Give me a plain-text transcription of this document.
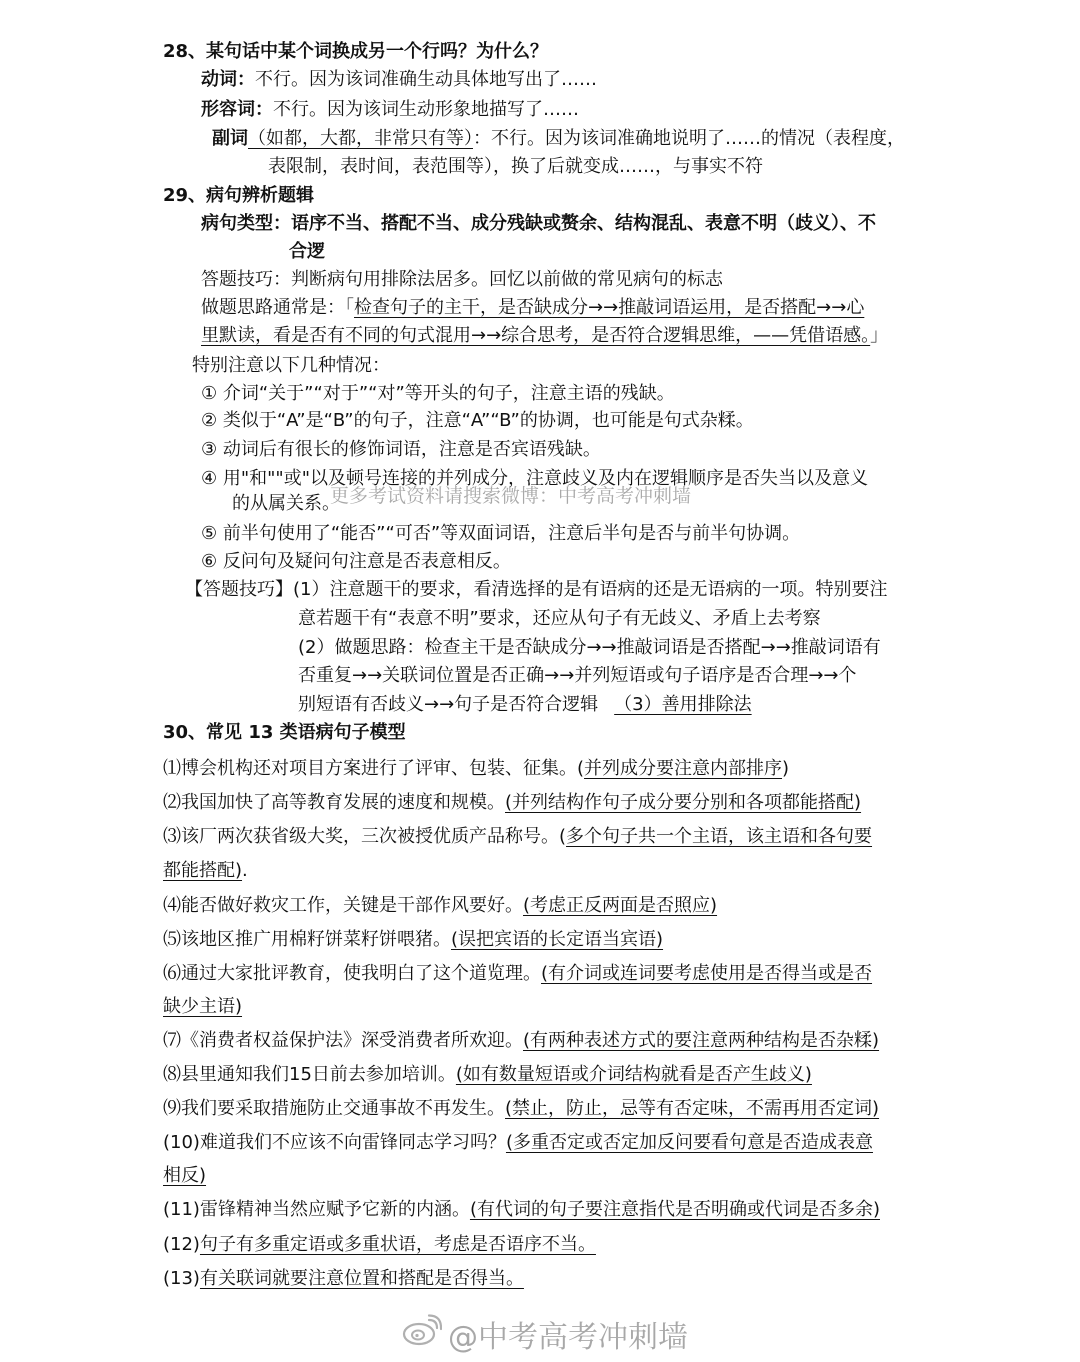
28、某句话中某个词换成另一个行吗？为什么？
动词：不行。因为该词准确生动具体地写出了……
形容词：不行。因为该词生动形象地描写了……
副词（如都，大都，非常只有等）：不行。因为该词准确地说明了……的情况（表程度，
表限制，表时间，表范围等），换了后就变成……，与事实不符
29、病句辨析题辑
病句类型：语序不当、搭配不当、成分残缺或赘余、结构混乱、表意不明（歧义）、不
合逻
答题技巧：判断病句用排除法居多。回忆以前做的常见病句的标志
做题思路通常是：「检查句子的主干，是否缺成分→→推敲词语运用，是否搭配→→心
里默读，看是否有不同的句式混用→→综合思考，是否符合逻辑思维，——凭借语感。」
特别注意以下几种情况：
① 介词“关于”“对于”“对”等开头的句子，注意主语的残缺。
② 类似于“A”是“B”的句子，注意“A”“B”的协调，也可能是句式杂糅。
③ 动词后有很长的修饰词语，注意是否宾语残缺。
④ 用"和""或"以及顿号连接的并列成分，注意歧义及内在逻辑顺序是否失当以及意义
的从属关系。
更多考试资料请搜索微博：中考高考冲刺墙
⑤ 前半句使用了“能否”“可否”等双面词语，注意后半句是否与前半句协调。
⑥ 反问句及疑问句注意是否表意相反。
【答题技巧】(1）注意题干的要求，看清选择的是有语病的还是无语病的一项。特别要注
意若题干有“表意不明”要求，还应从句子有无歧义、矛盾上去考察
(2）做题思路：检查主干是否缺成分→→推敲词语是否搭配→→推敲词语有
否重复→→关联词位置是否正确→→并列短语或句子语序是否合理→→个
别短语有否歧义→→句子是否符合逻辑 （3）善用排除法
30、常见 13 类语病句子模型
⑴博会机构还对项目方案进行了评审、包装、征集。(并列成分要注意内部排序)
⑵我国加快了高等教育发展的速度和规模。(并列结构作句子成分要分别和各项都能搭配)
⑶该厂两次获省级大奖，三次被授优质产品称号。(多个句子共一个主语，该主语和各句要
都能搭配).
⑷能否做好救灾工作，关键是干部作风要好。(考虑正反两面是否照应)
⑸该地区推广用棉籽饼菜籽饼喂猪。(误把宾语的长定语当宾语)
⑹通过大家批评教育，使我明白了这个道览理。(有介词或连词要考虑使用是否得当或是否
缺少主语)
⑺《消费者权益保护法》深受消费者所欢迎。(有两种表述方式的要注意两种结构是否杂糅)
⑻县里通知我们15日前去参加培训。(如有数量短语或介词结构就看是否产生歧义)
⑼我们要采取措施防止交通事故不再发生。(禁止，防止，忌等有否定味，不需再用否定词)
(10)难道我们不应该不向雷锋同志学习吗？(多重否定或否定加反问要看句意是否造成表意
相反)
(11)雷锋精神当然应赋予它新的内涵。(有代词的句子要注意指代是否明确或代词是否多余)
(12)句子有多重定语或多重状语，考虑是否语序不当。
(13)有关联词就要注意位置和搭配是否得当。
@中考高考冲刺墙
